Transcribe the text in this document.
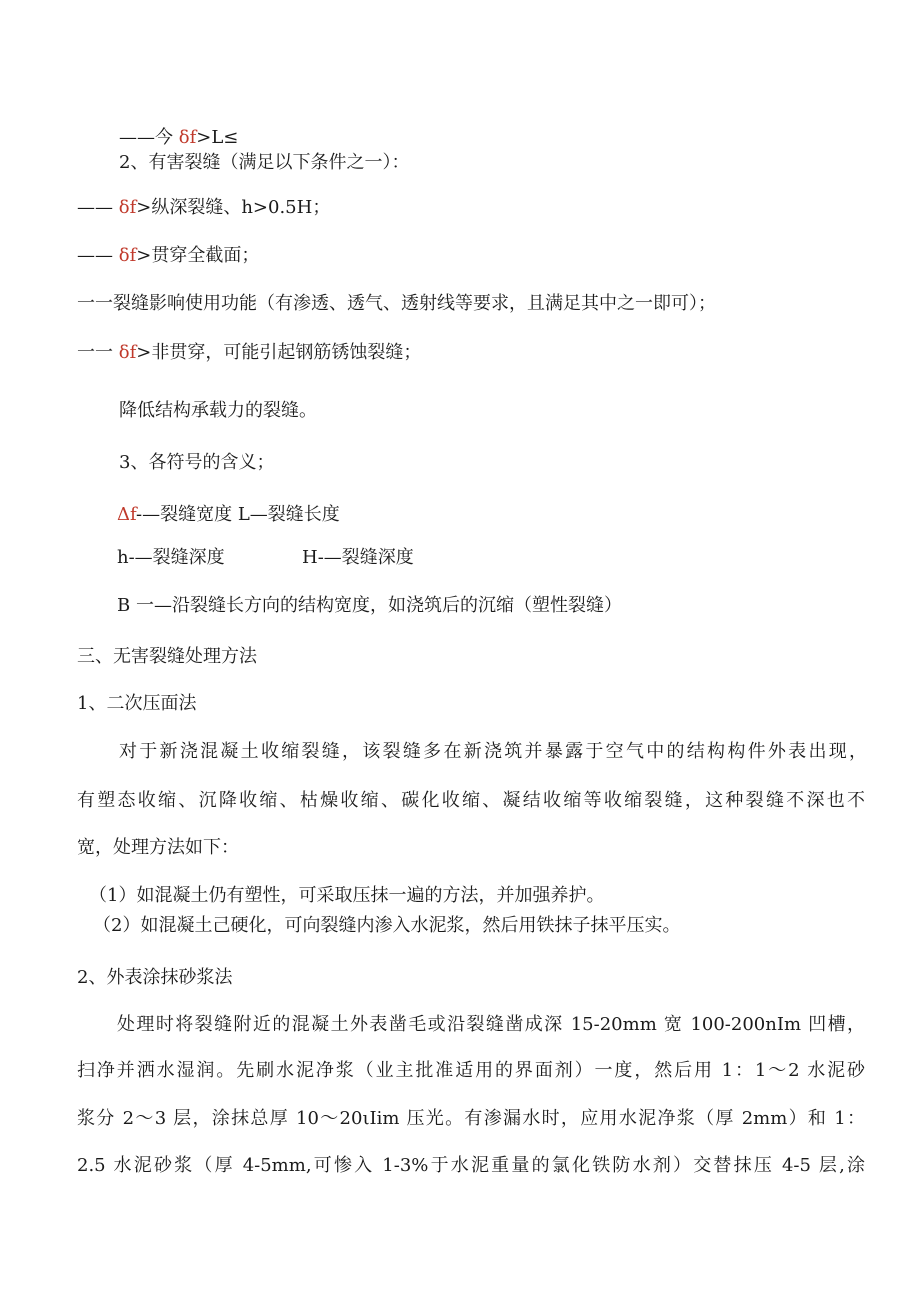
——今 δf>L≤
2、有害裂缝（满足以下条件之一）：
—— δf>纵深裂缝、h>0.5H；
—— δf>贯穿全截面；
一一裂缝影响使用功能（有渗透、透气、透射线等要求，且满足其中之一即可）；
一一 δf>非贯穿，可能引起钢筋锈蚀裂缝；
降低结构承载力的裂缝。
3、各符号的含义；
Δf-—裂缝宽度 L—裂缝长度
h-—裂缝深度	H-—裂缝深度
B 一—沿裂缝长方向的结构宽度，如浇筑后的沉缩（塑性裂缝）
三、无害裂缝处理方法
1、二次压面法
对于新浇混凝土收缩裂缝，该裂缝多在新浇筑并暴露于空气中的结构构件外表出现，
有塑态收缩、沉降收缩、枯燥收缩、碳化收缩、凝结收缩等收缩裂缝，这种裂缝不深也不
宽，处理方法如下：
（1）如混凝土仍有塑性，可采取压抹一遍的方法，并加强养护。
（2）如混凝土己硬化，可向裂缝内渗入水泥浆，然后用铁抹子抹平压实。
2、外表涂抹砂浆法
处理时将裂缝附近的混凝土外表凿毛或沿裂缝凿成深 15-20mm 宽 100-200nIm 凹槽，
扫净并洒水湿润。先刷水泥净浆（业主批准适用的界面剂）一度，然后用 1：1～2 水泥砂
浆分 2～3 层，涂抹总厚 10～20ιIim 压光。有渗漏水时，应用水泥净浆（厚 2mm）和 1：
2.5 水泥砂浆（厚 4-5mm,可惨入 1-3%于水泥重量的氯化铁防水剂）交替抹压 4-5 层,涂
